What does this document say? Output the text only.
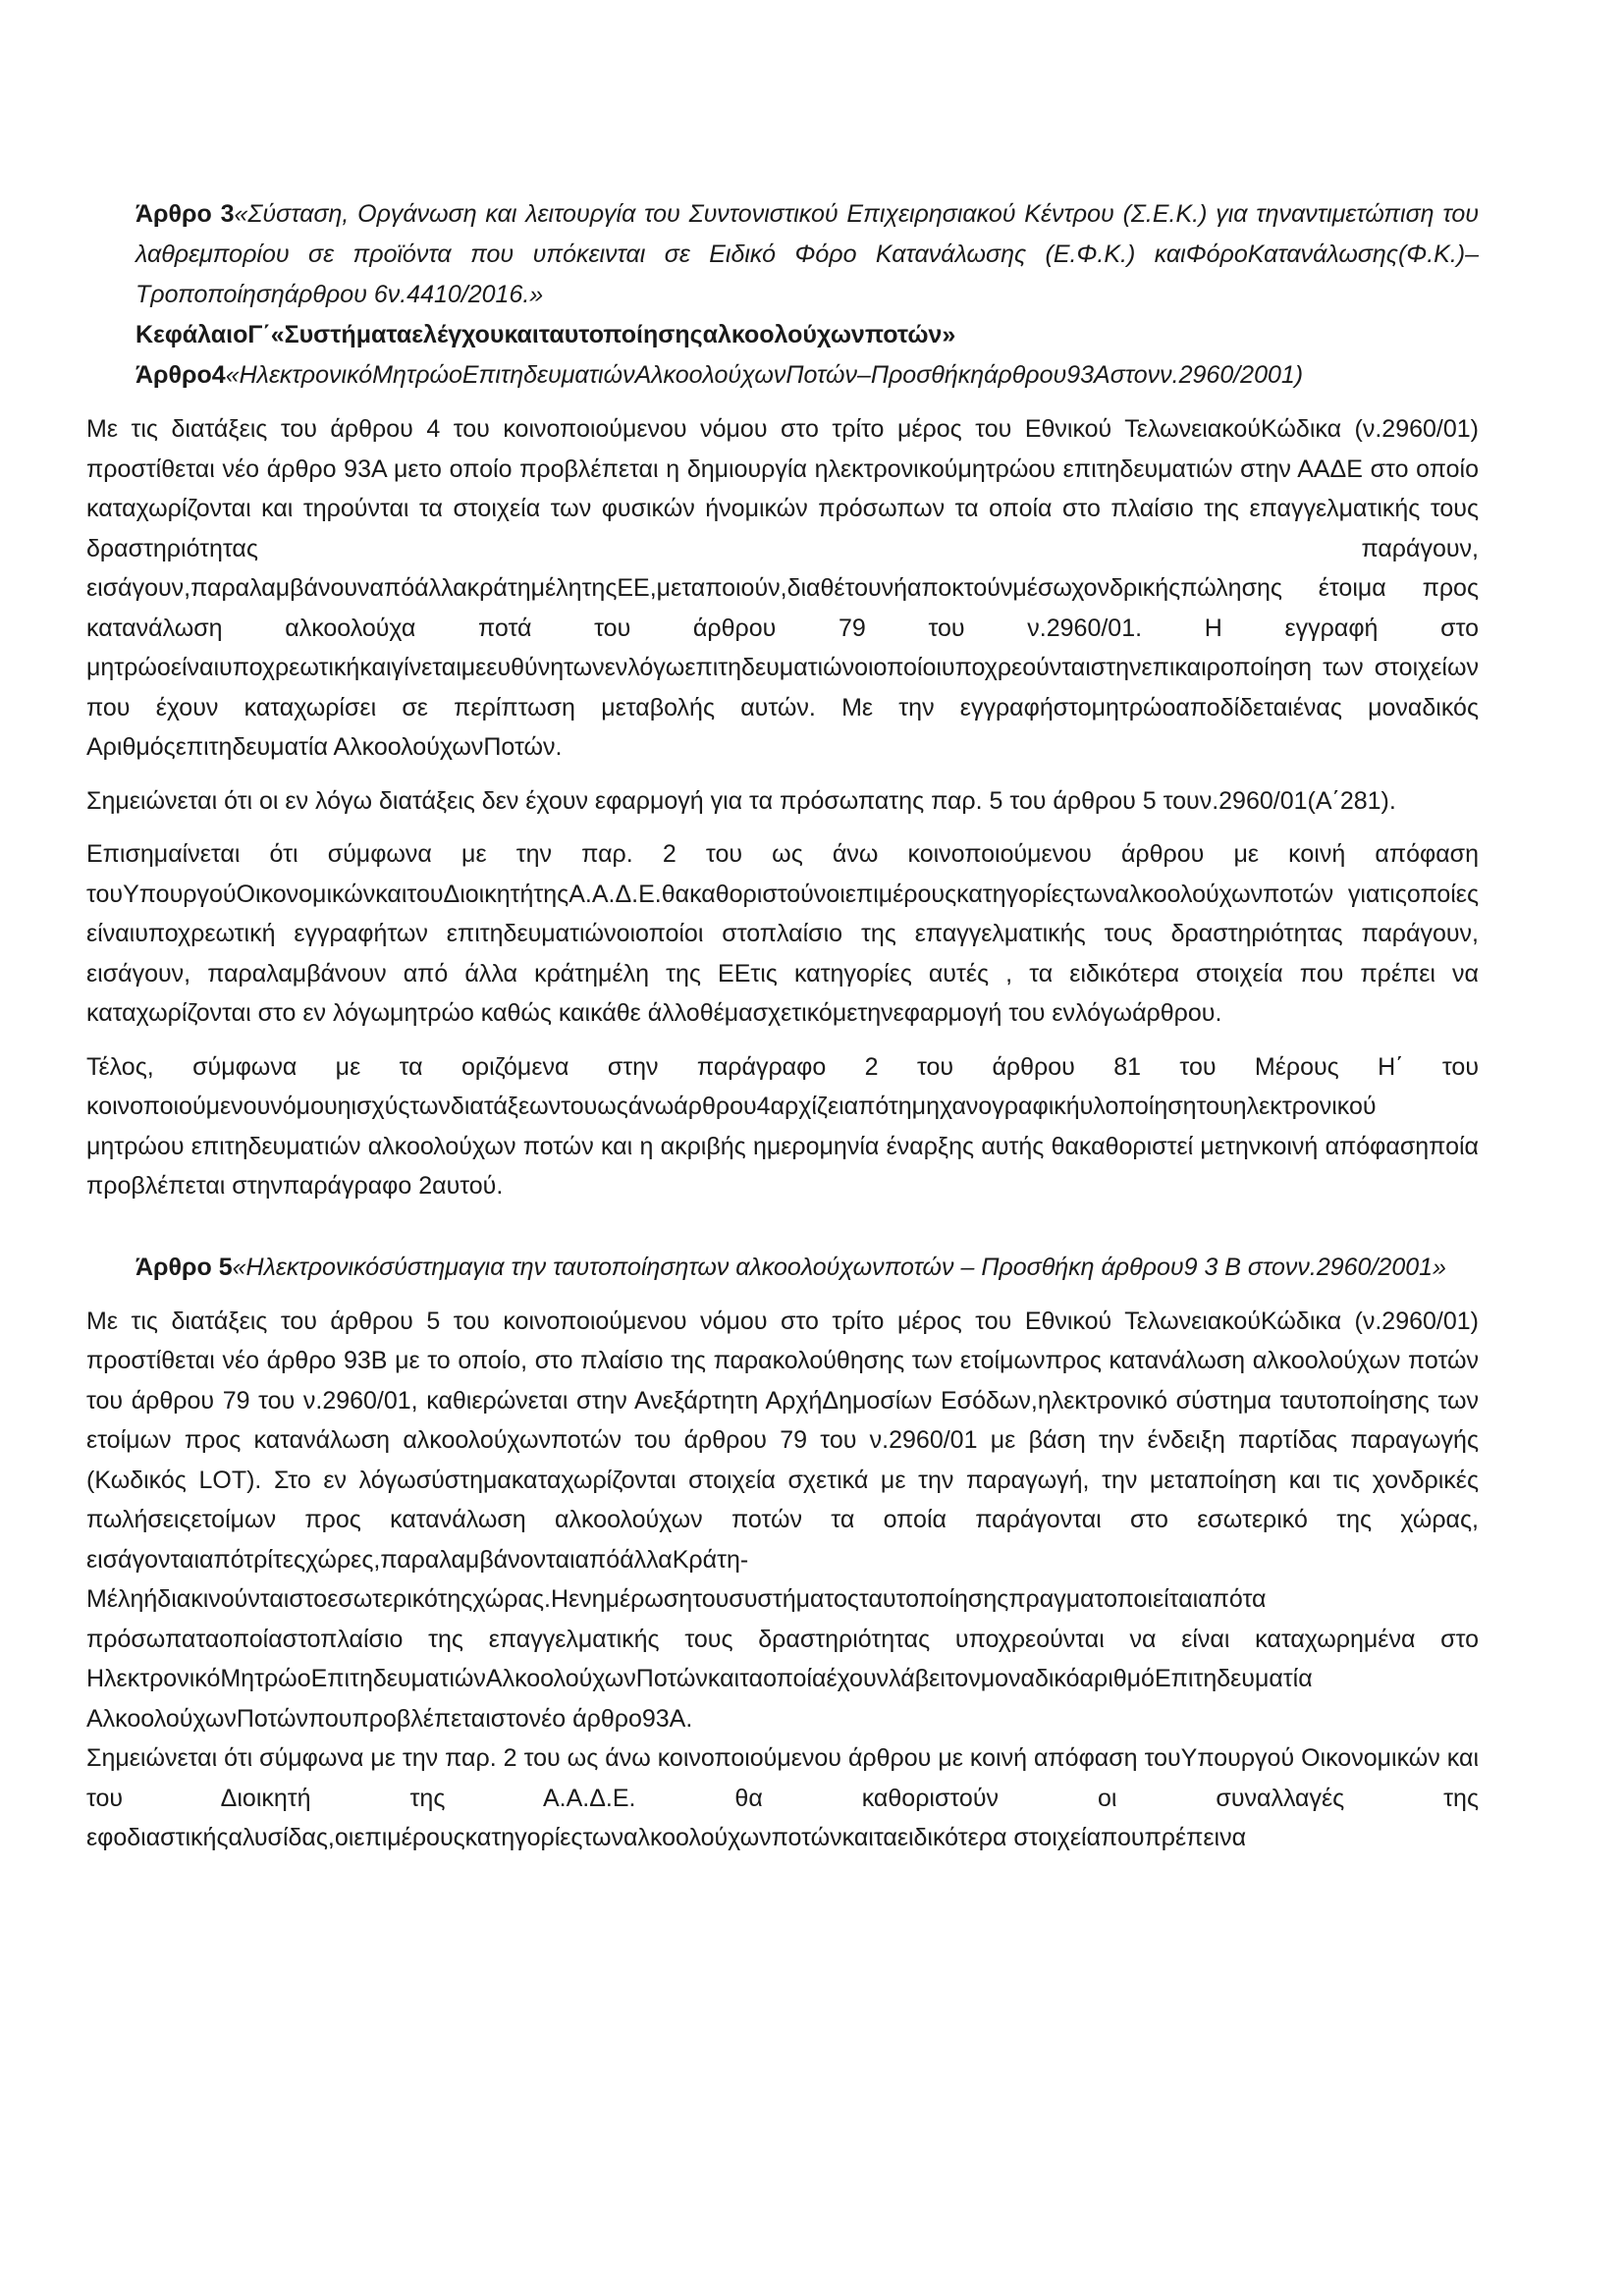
Άρθρο 3«Σύσταση, Οργάνωση και λειτουργία του Συντονιστικού Επιχειρησιακού Κέντρου (Σ.Ε.Κ.) για τηναντιμετώπιση του λαθρεμπορίου σε προϊόντα που υπόκεινται σε Ειδικό Φόρο Κατανάλωσης (Ε.Φ.Κ.) καιΦόροΚατανάλωσης(Φ.Κ.)–Τροποποίησηάρθρου 6ν.4410/2016.»
ΚεφάλαιοΓ΄«Συστήματαελέγχουκαιταυτοποίησηςαλκοολούχωνποτών»
Άρθρο4«ΗλεκτρονικόΜητρώοΕπιτηδευματιώνΑλκοολούχωνΠοτών–Προσθήκηάρθρου93Αστονν.2960/2001)

Με τις διατάξεις του άρθρου 4 του κοινοποιούμενου νόμου στο τρίτο μέρος του Εθνικού ΤελωνειακούΚώδικα (ν.2960/01) προστίθεται νέο άρθρο 93Α μετο οποίο προβλέπεται η δημιουργία ηλεκτρονικούμητρώου επιτηδευματιών στην ΑΑΔΕ στο οποίο καταχωρίζονται και τηρούνται τα στοιχεία των φυσικών ήνομικών πρόσωπων τα οποία στο πλαίσιο της επαγγελματικής τους δραστηριότητας παράγουν, εισάγουν,παραλαμβάνουναπόάλλακράτημέλητηςΕΕ,μεταποιούν,διαθέτουνήαποκτούνμέσωχονδρικήςπώλησης έτοιμα προς κατανάλωση αλκοολούχα ποτά του άρθρου 79 του ν.2960/01. Η εγγραφή στο μητρώοείναιυποχρεωτικήκαιγίνεταιμεευθύνητωνενλόγωεπιτηδευματιώνοιοποίοιυποχρεούνταιστηνεπικαιροποίηση των στοιχείων που έχουν καταχωρίσει σε περίπτωση μεταβολής αυτών. Με την εγγραφήστομητρώοαποδίδεταιένας μοναδικός Αριθμόςεπιτηδευματία ΑλκοολούχωνΠοτών.

Σημειώνεται ότι οι εν λόγω διατάξεις δεν έχουν εφαρμογή για τα πρόσωπατης παρ. 5 του άρθρου 5 τουν.2960/01(Α΄281).

Επισημαίνεται ότι σύμφωνα με την παρ. 2 του ως άνω κοινοποιούμενου άρθρου με κοινή απόφαση τουΥπουργούΟικονομικώνκαιτουΔιοικητήτηςΑ.Α.Δ.Ε.θακαθοριστούνοιεπιμέρουςκατηγορίεςτωναλκοολούχωνποτών γιατιςοποίες είναιυποχρεωτική εγγραφήτων επιτηδευματιώνοιοποίοι στοπλαίσιο της επαγγελματικής τους δραστηριότητας παράγουν, εισάγουν, παραλαμβάνουν από άλλα κράτημέλη της ΕΕτις κατηγορίες αυτές , τα ειδικότερα στοιχεία που πρέπει να καταχωρίζονται στο εν λόγωμητρώο καθώς καικάθε άλλοθέμασχετικόμετηνεφαρμογή του ενλόγωάρθρου.

Τέλος, σύμφωνα με τα οριζόμενα στην παράγραφο 2 του άρθρου 81 του Μέρους Η΄ του κοινοποιούμενουνόμουηισχύςτωνδιατάξεωντουωςάνωάρθρου4αρχίζειαπότημηχανογραφικήυλοποίησητουηλεκτρονικού μητρώου επιτηδευματιών αλκοολούχων ποτών και η ακριβής ημερομηνία έναρξης αυτής θακαθοριστεί μετηνκοινή απόφασηποία προβλέπεται στηνπαράγραφο 2αυτού.

Άρθρο 5«Ηλεκτρονικόσύστημαγια την ταυτοποίησητων αλκοολούχωνποτών – Προσθήκη άρθρου9 3 Β στονν.2960/2001»

Με τις διατάξεις του άρθρου 5 του κοινοποιούμενου νόμου στο τρίτο μέρος του Εθνικού ΤελωνειακούΚώδικα (ν.2960/01) προστίθεται νέο άρθρο 93Β με το οποίο, στο πλαίσιο της παρακολούθησης των ετοίμωνπρος κατανάλωση αλκοολούχων ποτών του άρθρου 79 του ν.2960/01, καθιερώνεται στην Ανεξάρτητη ΑρχήΔημοσίων Εσόδων,ηλεκτρονικό σύστημα ταυτοποίησης των ετοίμων προς κατανάλωση αλκοολούχωνποτών του άρθρου 79 του ν.2960/01 με βάση την ένδειξη παρτίδας παραγωγής (Κωδικός LOT). Στο εν λόγωσύστημακαταχωρίζονται στοιχεία σχετικά με την παραγωγή, την μεταποίηση και τις χονδρικές πωλήσειςετοίμων προς κατανάλωση αλκοολούχων ποτών τα οποία παράγονται στο εσωτερικό της χώρας, εισάγονταιαπότρίτεςχώρες,παραλαμβάνονταιαπόάλλαΚράτη-Μέληήδιακινούνταιστοεσωτερικότηςχώρας.Ηενημέρωσητουσυστήματοςταυτοποίησηςπραγματοποιείταιαπότα πρόσωπαταοποίαστοπλαίσιο της επαγγελματικής τους δραστηριότητας υποχρεούνται να είναι καταχωρημένα στο ΗλεκτρονικόΜητρώοΕπιτηδευματιώνΑλκοολούχωνΠοτώνκαιταοποίαέχουνλάβειτονμοναδικόαριθμόΕπιτηδευματία ΑλκοολούχωνΠοτώνπουπροβλέπεταιστονέο άρθρο93Α.

Σημειώνεται ότι σύμφωνα με την παρ. 2 του ως άνω κοινοποιούμενου άρθρου με κοινή απόφαση τουΥπουργού Οικονομικών και του Διοικητή της Α.Α.Δ.Ε. θα καθοριστούν οι συναλλαγές της εφοδιαστικήςαλυσίδας,οιεπιμέρουςκατηγορίεςτωναλκοολούχωνποτώνκαιταειδικότερα στοιχείαπουπρέπεινα
